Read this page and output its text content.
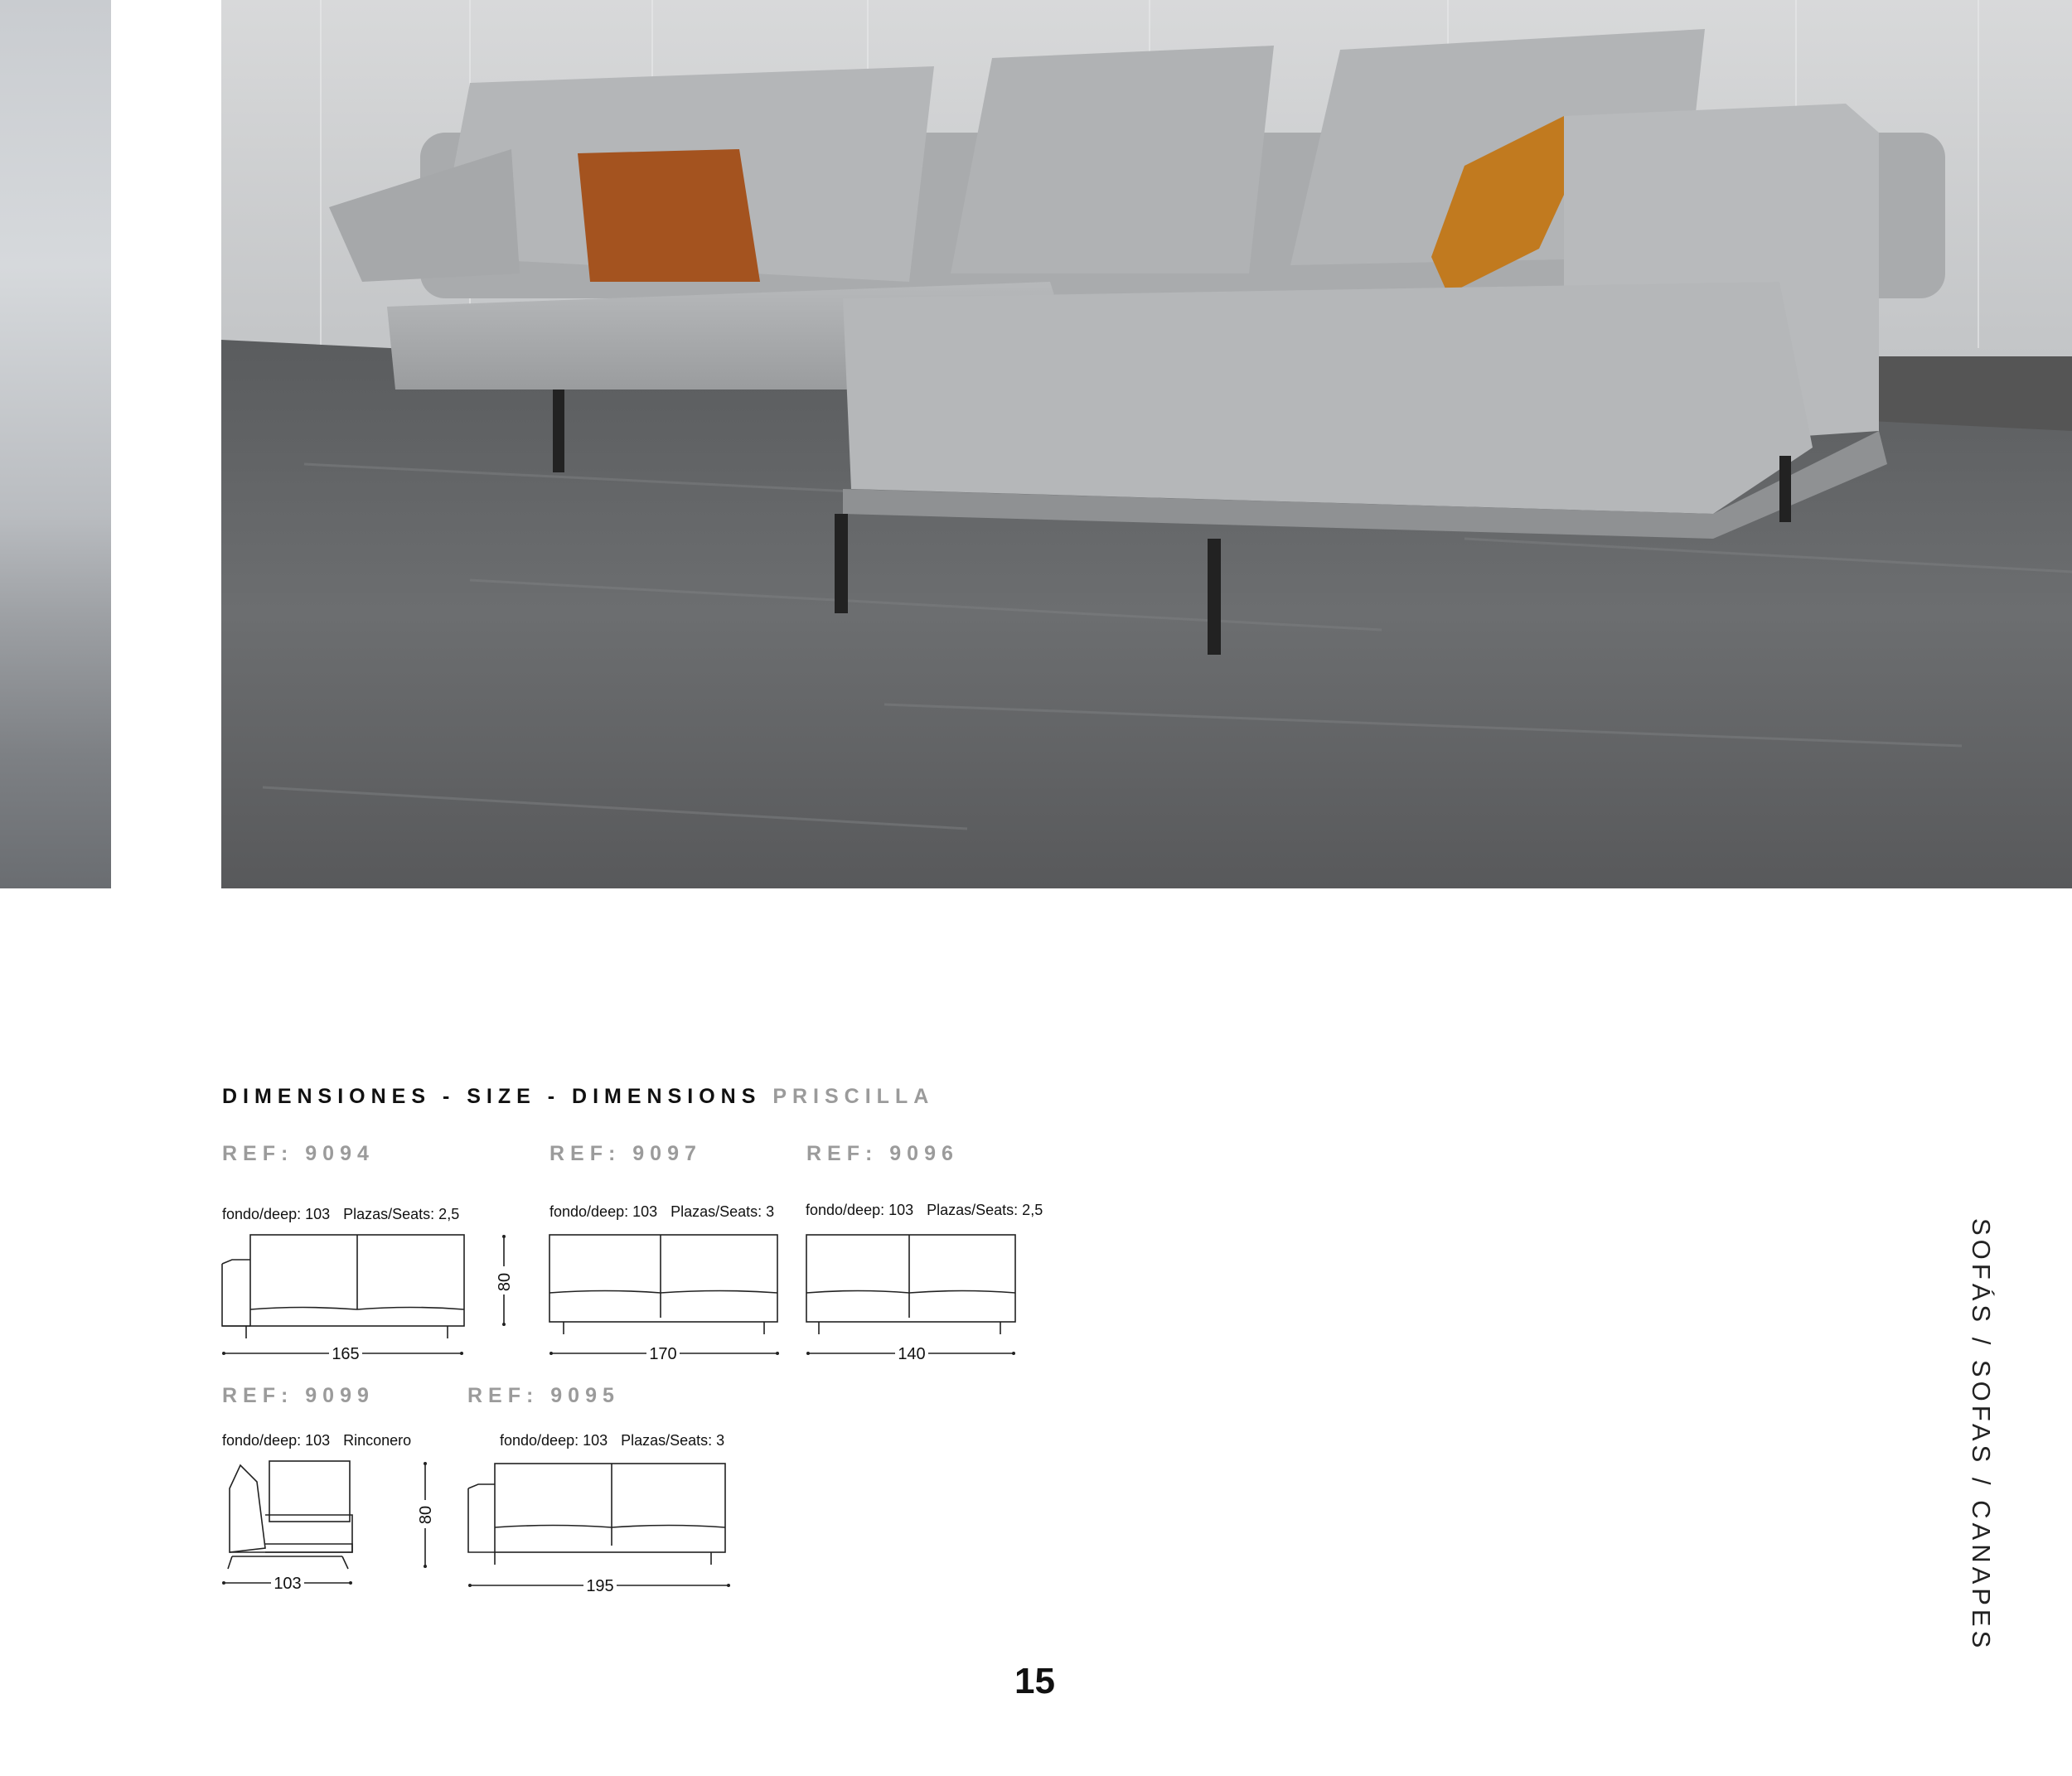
DIMENSIONES - SIZE - DIMENSIONS PRISCILLA
REF: 9094
fondo/deep: 103 Plazas/Seats: 2,5
165
80
REF: 9097
fondo/deep: 103 Plazas/Seats: 3
170
REF: 9096
fondo/deep: 103 Plazas/Seats: 2,5
140
REF: 9099
fondo/deep: 103 Rinconero
103
80
REF: 9095
fondo/deep: 103 Plazas/Seats: 3
195	SOFÁS / SOFAS / CANAPES
15
